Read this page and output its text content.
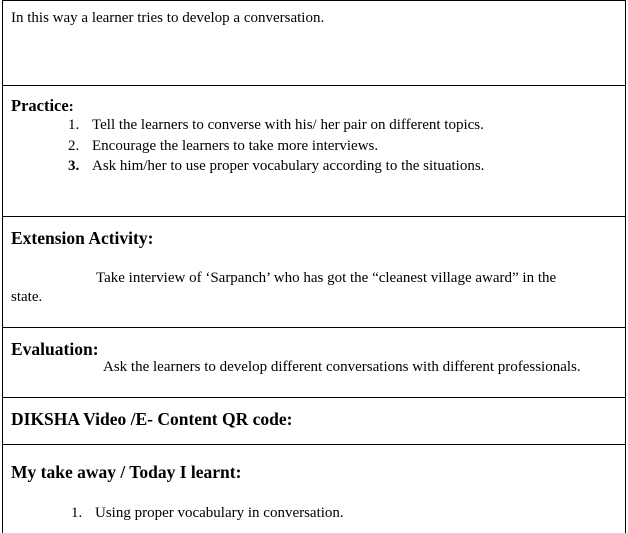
In this way a learner tries to develop a conversation.
Practice:
1. Tell the learners to converse with his/ her pair on different topics.
2. Encourage the learners to take more interviews.
3. Ask him/her to use proper vocabulary according to the situations.
Extension Activity:
Take interview of ‘Sarpanch’ who has got the “cleanest village award” in the
state.
Evaluation:
Ask the learners to develop different conversations with different professionals.
DIKSHA Video /E- Content QR code:
My take away / Today I learnt:
1. Using proper vocabulary in conversation.
